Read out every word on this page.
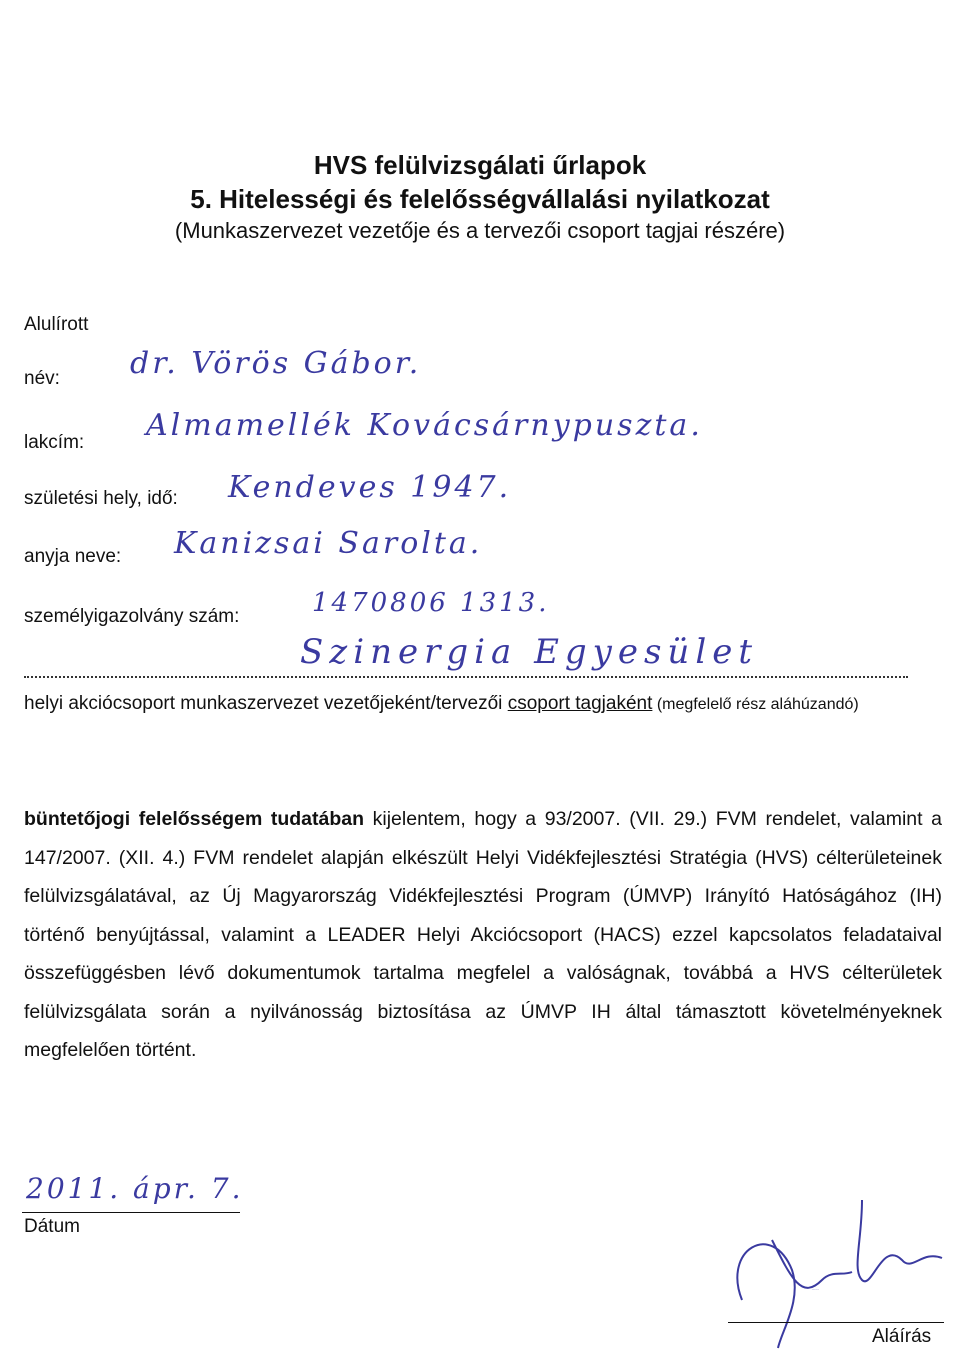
HVS felülvizsgálati űrlapok
5. Hitelességi és felelősségvállalási nyilatkozat
(Munkaszervezet vezetője és a tervezői csoport tagjai részére)
Alulírott
név: dr. Vörös Gábor.
lakcím: Almamellék Kovácsárnypuszta.
születési hely, idő: Kendeves 1947.
anyja neve: Kanizsai Sarolta.
személyigazolvány szám:	1470806 1313.
Szinergia Egyesület
helyi akciócsoport munkaszervezet vezetőjeként/tervezői csoport tagjaként (megfelelő rész aláhúzandó)
büntetőjogi felelősségem tudatában kijelentem, hogy a 93/2007. (VII. 29.) FVM rendelet, valamint a 147/2007. (XII. 4.) FVM rendelet alapján elkészült Helyi Vidékfejlesztési Stratégia (HVS) célterületeinek felülvizsgálatával, az Új Magyarország Vidékfejlesztési Program (ÚMVP) Irányító Hatóságához (IH) történő benyújtással, valamint a LEADER Helyi Akciócsoport (HACS) ezzel kapcsolatos feladataival összefüggésben lévő dokumentumok tartalma megfelel a valóságnak, továbbá a HVS célterületek felülvizsgálata során a nyilvánosság biztosítása az ÚMVP IH által támasztott követelményeknek megfelelően történt.
2011. ápr. 7.
Dátum
Jámbor Gyula
Aláírás
